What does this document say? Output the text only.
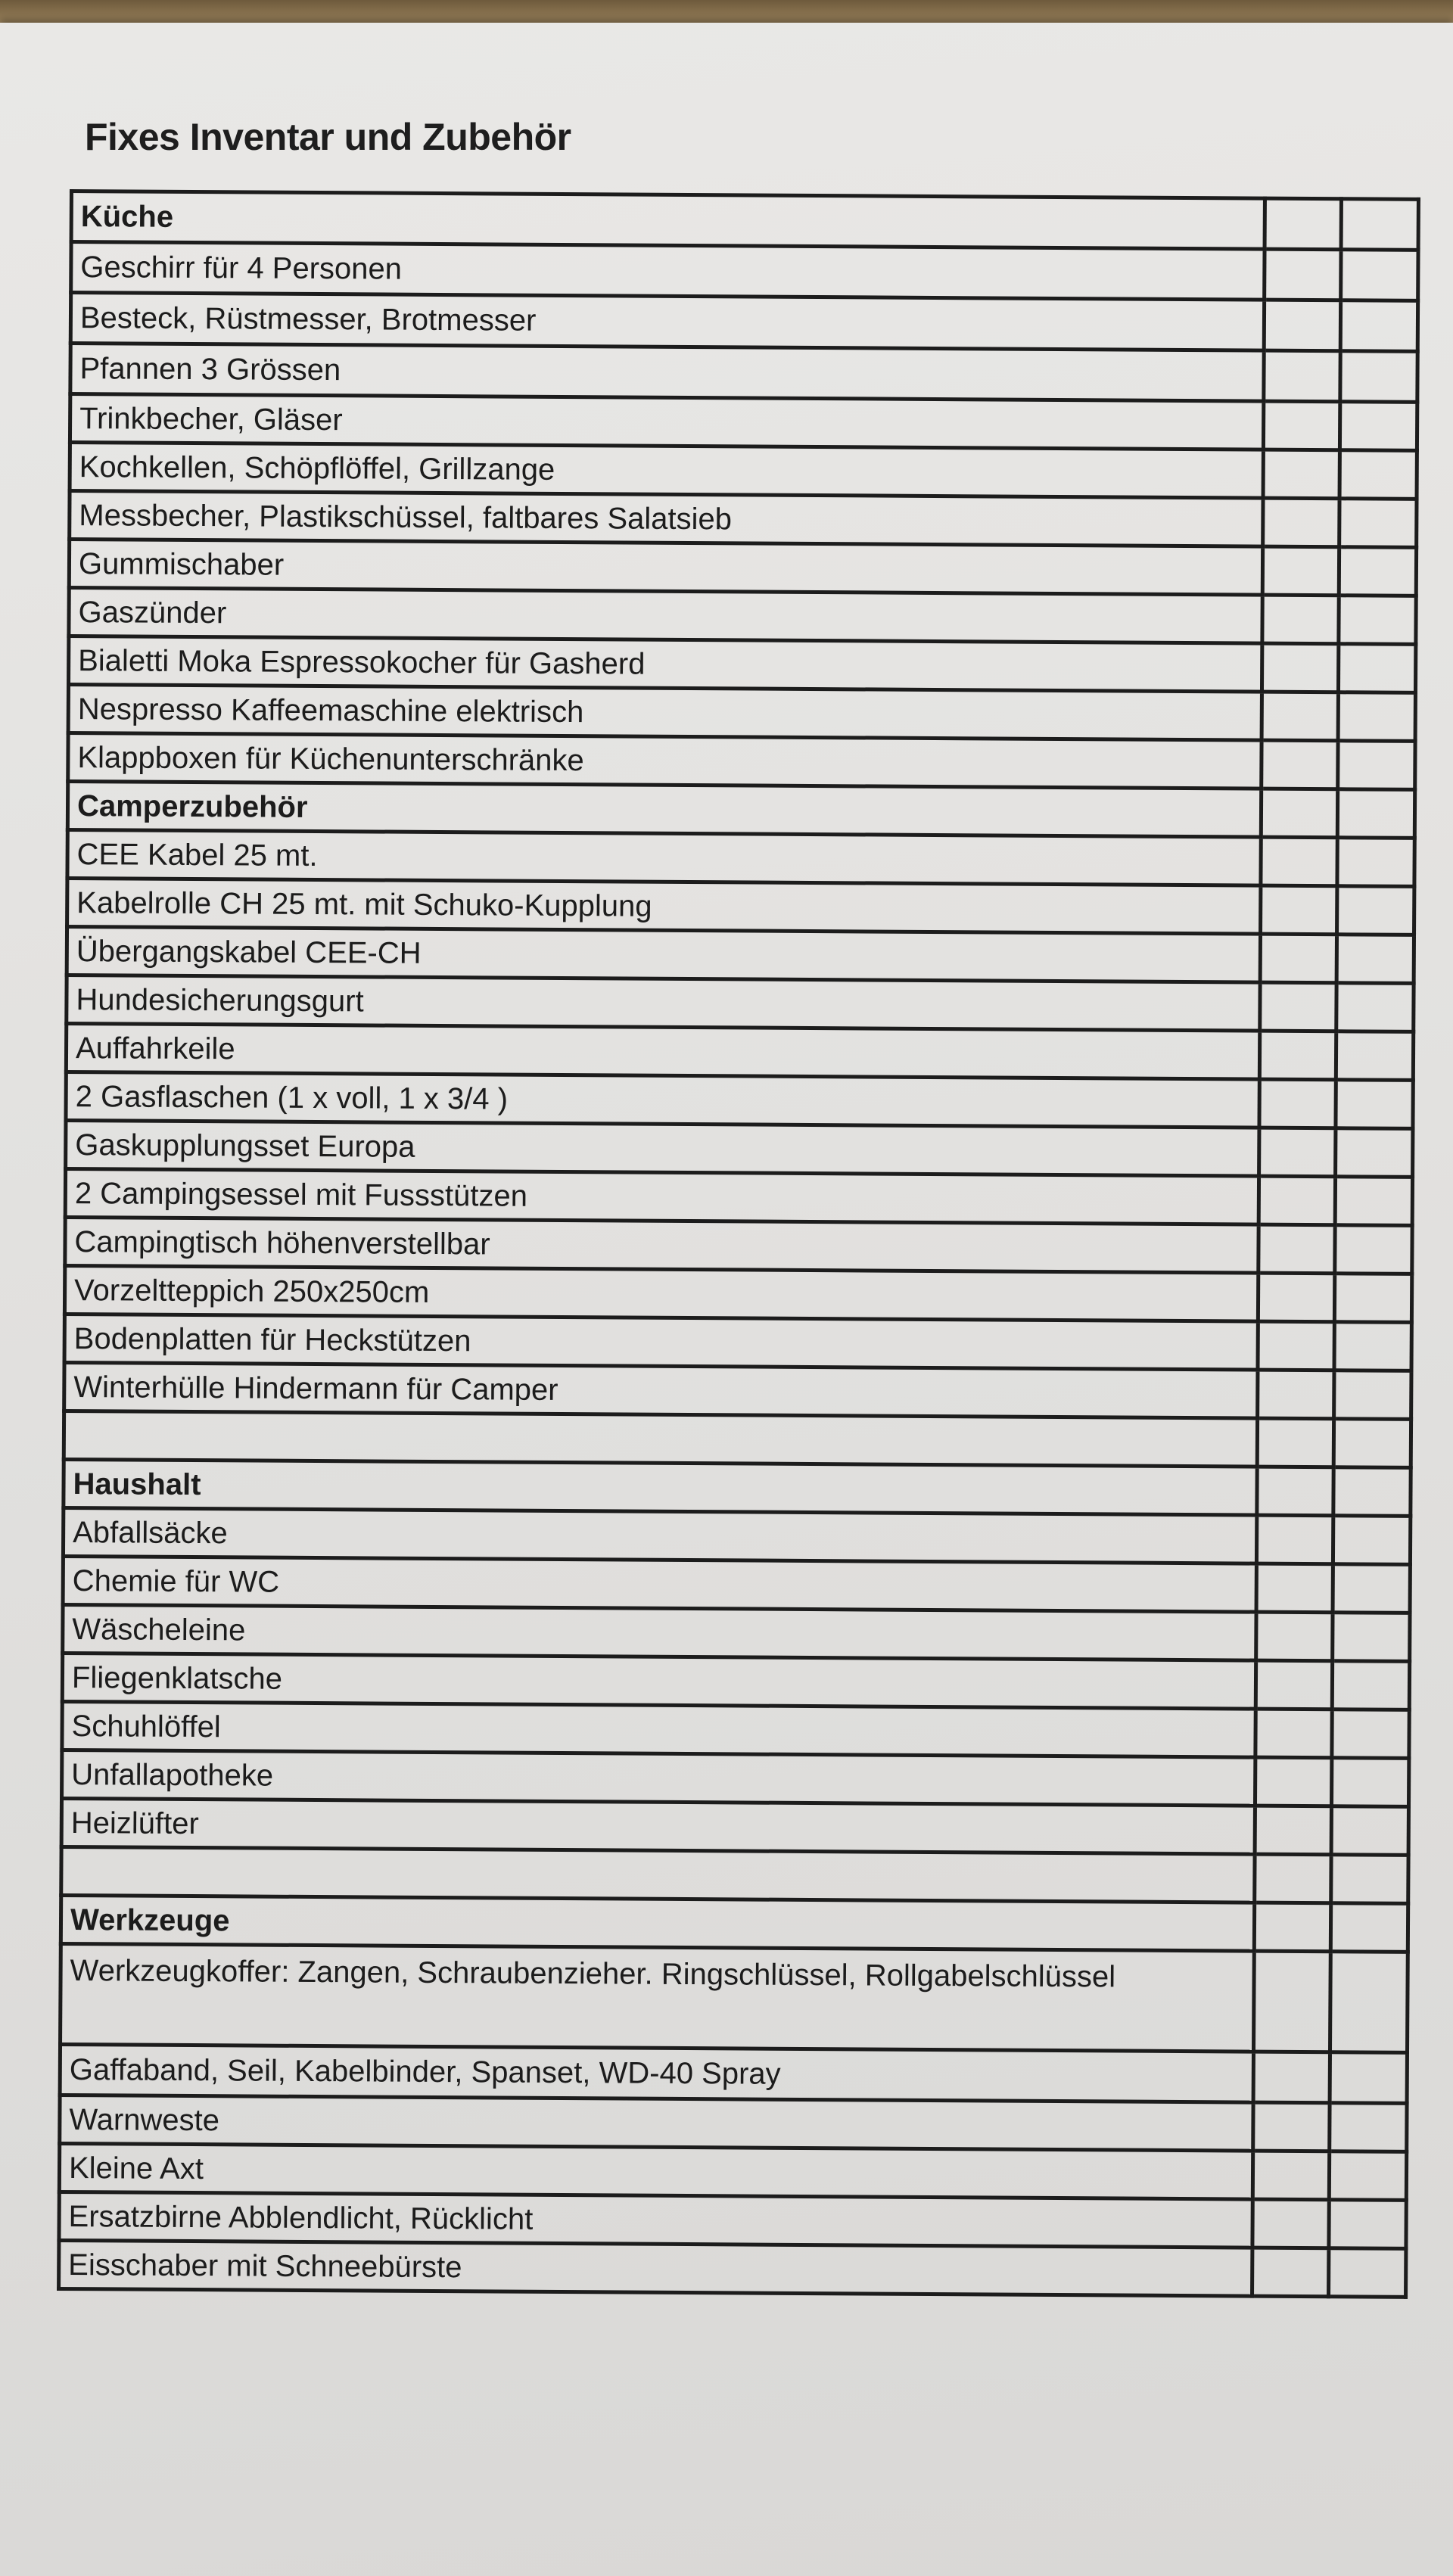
Fixes Inventar und Zubehör
Küche		
Geschirr für 4 Personen		
Besteck, Rüstmesser, Brotmesser		
Pfannen 3 Grössen		
Trinkbecher, Gläser		
Kochkellen, Schöpflöffel, Grillzange		
Messbecher, Plastikschüssel, faltbares Salatsieb		
Gummischaber		
Gaszünder		
Bialetti Moka Espressokocher für Gasherd		
Nespresso Kaffeemaschine elektrisch		
Klappboxen für Küchenunterschränke		
Camperzubehör		
CEE Kabel 25 mt.		
Kabelrolle CH 25 mt. mit Schuko-Kupplung		
Übergangskabel CEE-CH		
Hundesicherungsgurt		
Auffahrkeile		
2 Gasflaschen (1 x voll, 1 x 3/4 )		
Gaskupplungsset Europa		
2 Campingsessel mit Fussstützen		
Campingtisch höhenverstellbar		
Vorzeltteppich 250x250cm		
Bodenplatten für Heckstützen		
Winterhülle Hindermann für Camper		

Haushalt		
Abfallsäcke		
Chemie für WC		
Wäscheleine		
Fliegenklatsche		
Schuhlöffel		
Unfallapotheke		
Heizlüfter		

Werkzeuge		
Werkzeugkoffer: Zangen, Schraubenzieher. Ringschlüssel, Rollgabelschlüssel		
Gaffaband, Seil, Kabelbinder, Spanset, WD-40 Spray		
Warnweste		
Kleine Axt		
Ersatzbirne Abblendlicht, Rücklicht		
Eisschaber mit Schneebürste		
